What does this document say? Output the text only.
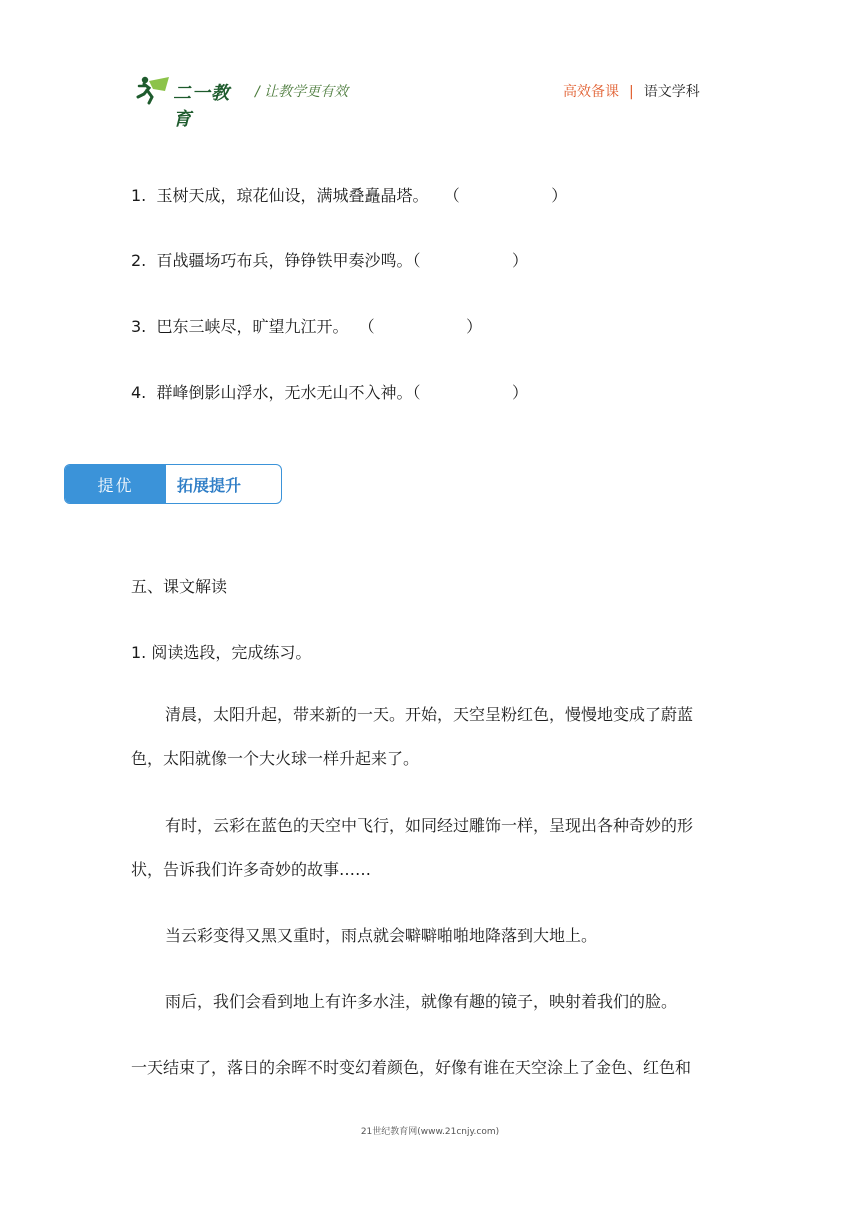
二一教育
/ 让教学更有效	高效备课 | 语文学科
1.  玉树天成，琼花仙设，满城叠矗晶塔。   （                  ）
2.  百战疆场巧布兵，铮铮铁甲奏沙鸣。（                  ）
3.  巴东三峡尽，旷望九江开。  （                  ）
4.  群峰倒影山浮水，无水无山不入神。（                  ）
提优	拓展提升
五、课文解读
1. 阅读选段，完成练习。
清晨，太阳升起，带来新的一天。开始，天空呈粉红色，慢慢地变成了蔚蓝
色，太阳就像一个大火球一样升起来了。
有时，云彩在蓝色的天空中飞行，如同经过雕饰一样，呈现出各种奇妙的形
状，告诉我们许多奇妙的故事……
当云彩变得又黑又重时，雨点就会噼噼啪啪地降落到大地上。
雨后，我们会看到地上有许多水洼，就像有趣的镜子，映射着我们的脸。
一天结束了，落日的余晖不时变幻着颜色，好像有谁在天空涂上了金色、红色和
21世纪教育网(www.21cnjy.com)
